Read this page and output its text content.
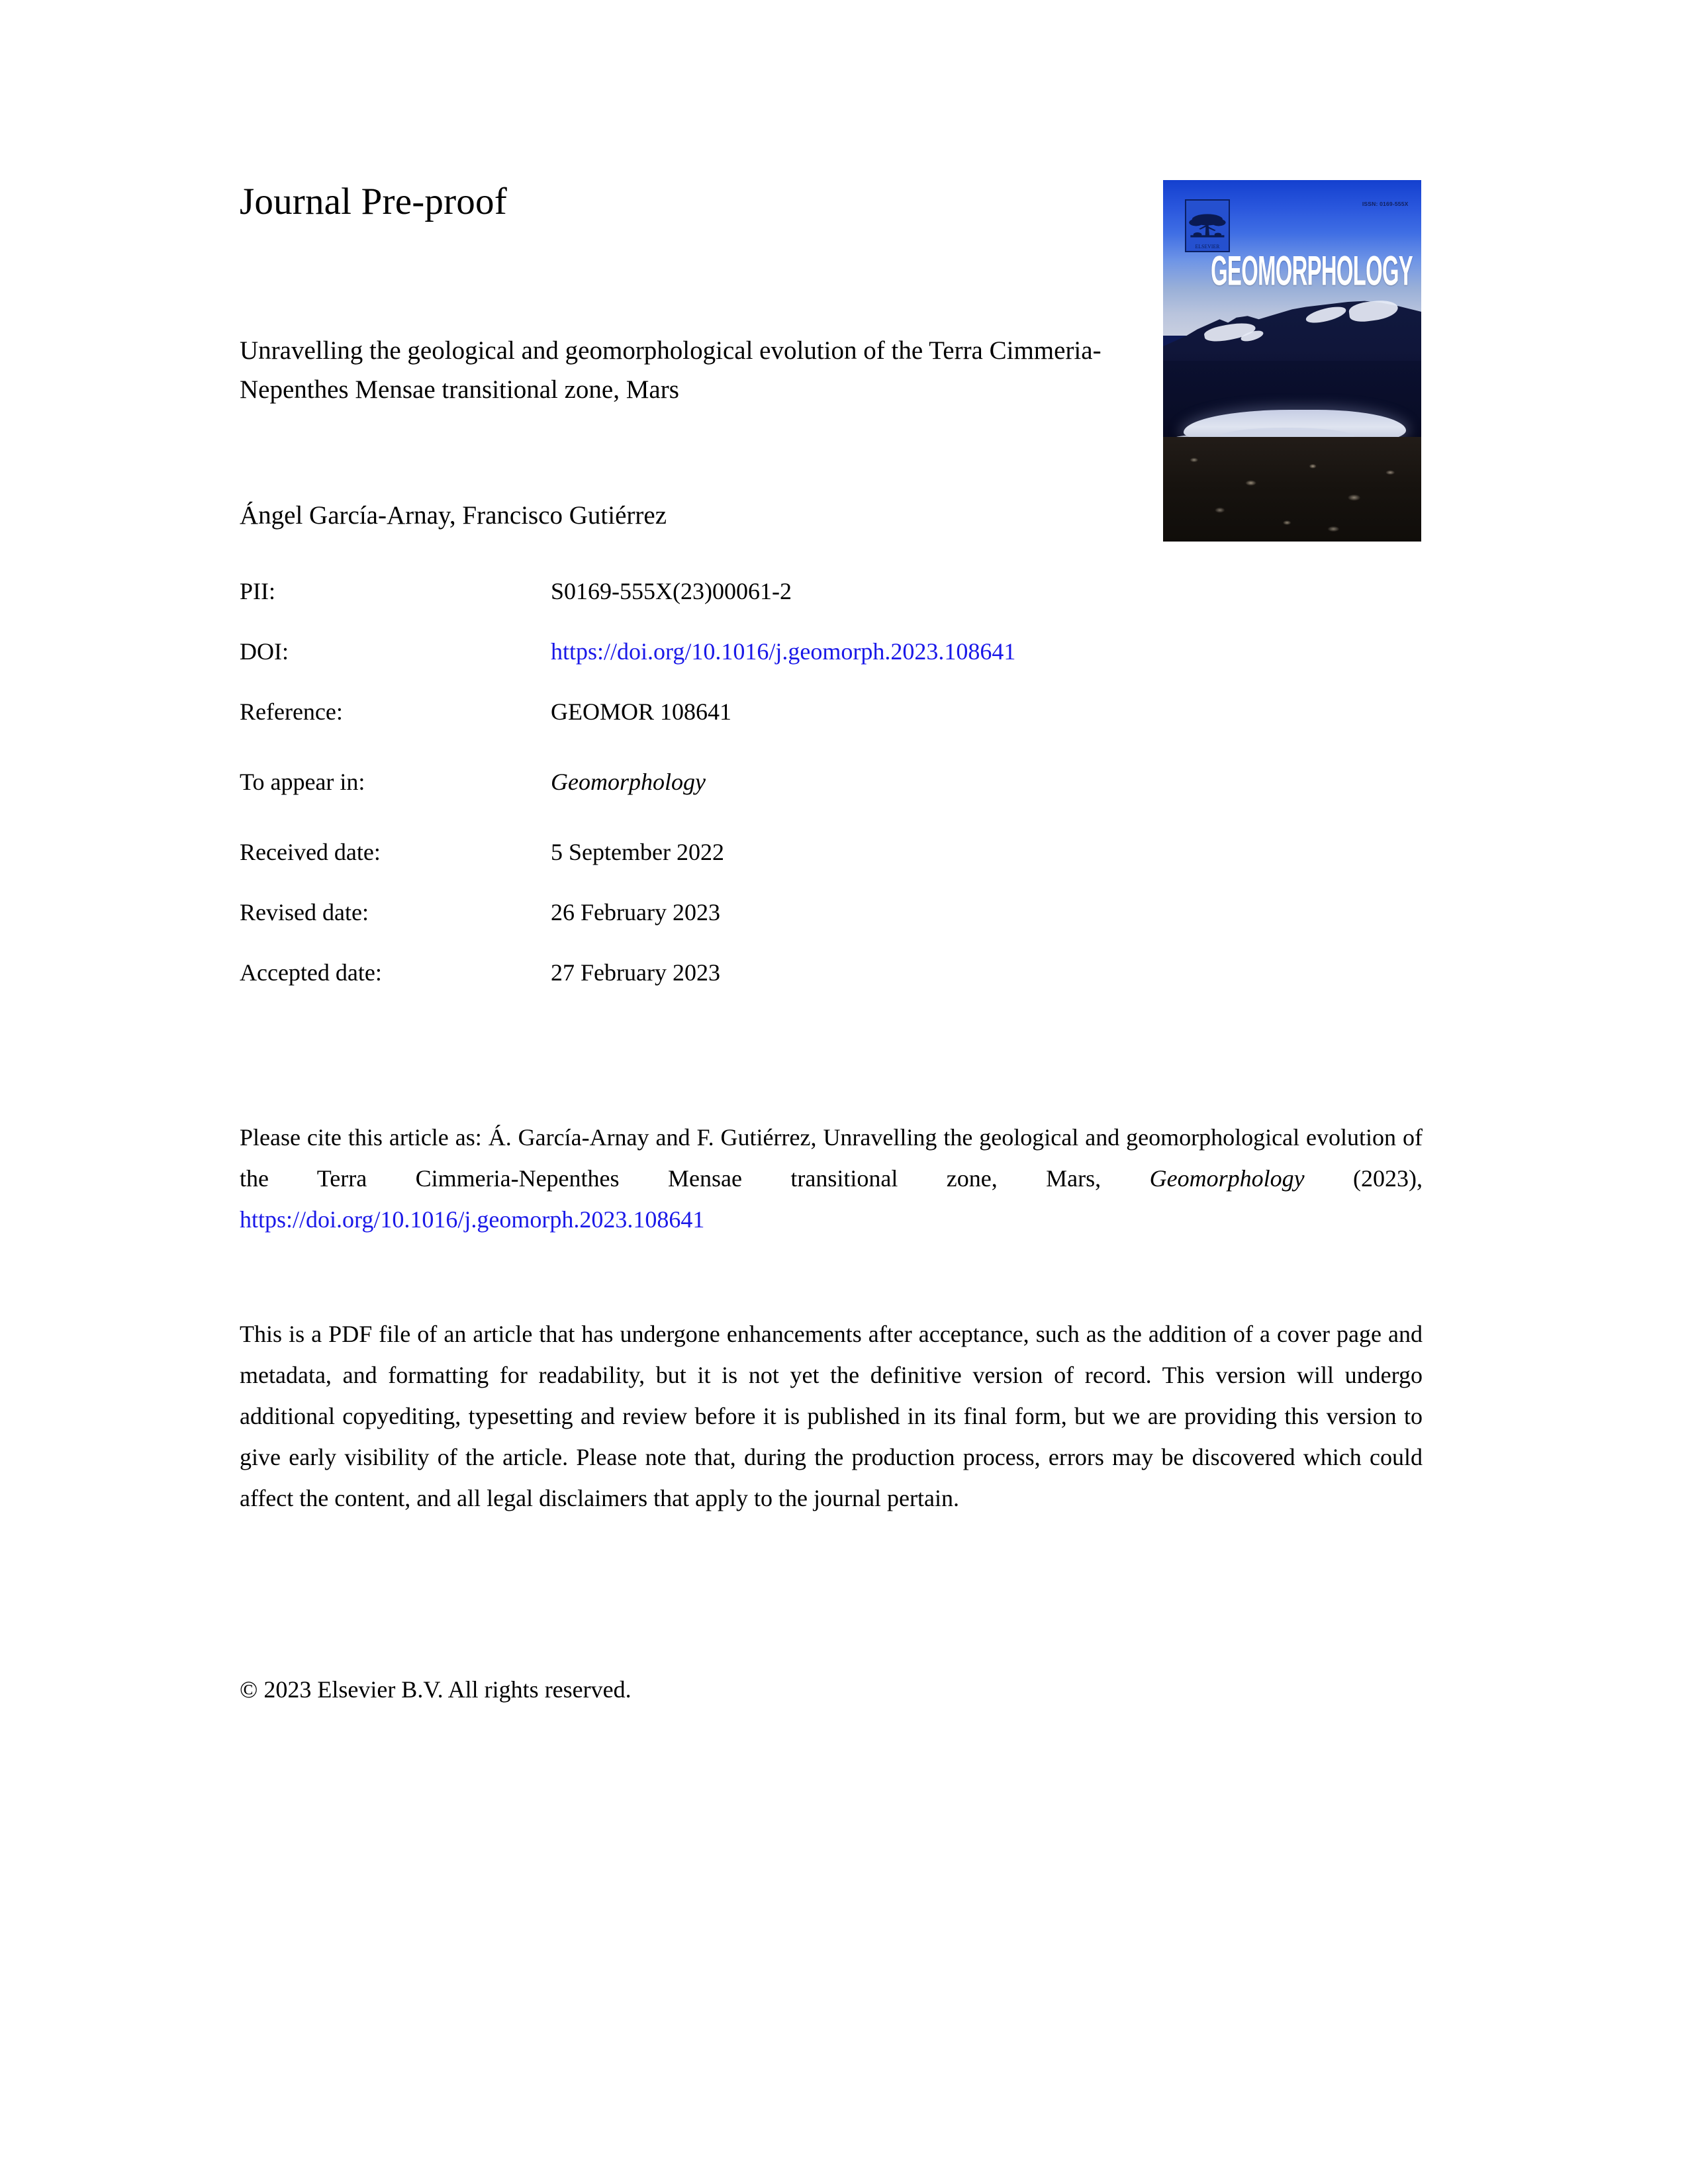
Journal Pre-proof
Unravelling the geological and geomorphological evolution of the Terra Cimmeria-Nepenthes Mensae transitional zone, Mars
Ángel García-Arnay, Francisco Gutiérrez
ELSEVIER
ISSN: 0169-555X
GEOMORPHOLOGY
PII:	S0169-555X(23)00061-2
DOI:	https://doi.org/10.1016/j.geomorph.2023.108641
Reference:	GEOMOR 108641
To appear in:	Geomorphology
Received date:	5 September 2022
Revised date:	26 February 2023
Accepted date:	27 February 2023
Please cite this article as: Á. García-Arnay and F. Gutiérrez, Unravelling the geological and geomorphological evolution of the Terra Cimmeria-Nepenthes Mensae transitional zone, Mars, Geomorphology (2023), https://doi.org/10.1016/j.geomorph.2023.108641
This is a PDF file of an article that has undergone enhancements after acceptance, such as the addition of a cover page and metadata, and formatting for readability, but it is not yet the definitive version of record. This version will undergo additional copyediting, typesetting and review before it is published in its final form, but we are providing this version to give early visibility of the article. Please note that, during the production process, errors may be discovered which could affect the content, and all legal disclaimers that apply to the journal pertain.
© 2023 Elsevier B.V. All rights reserved.
